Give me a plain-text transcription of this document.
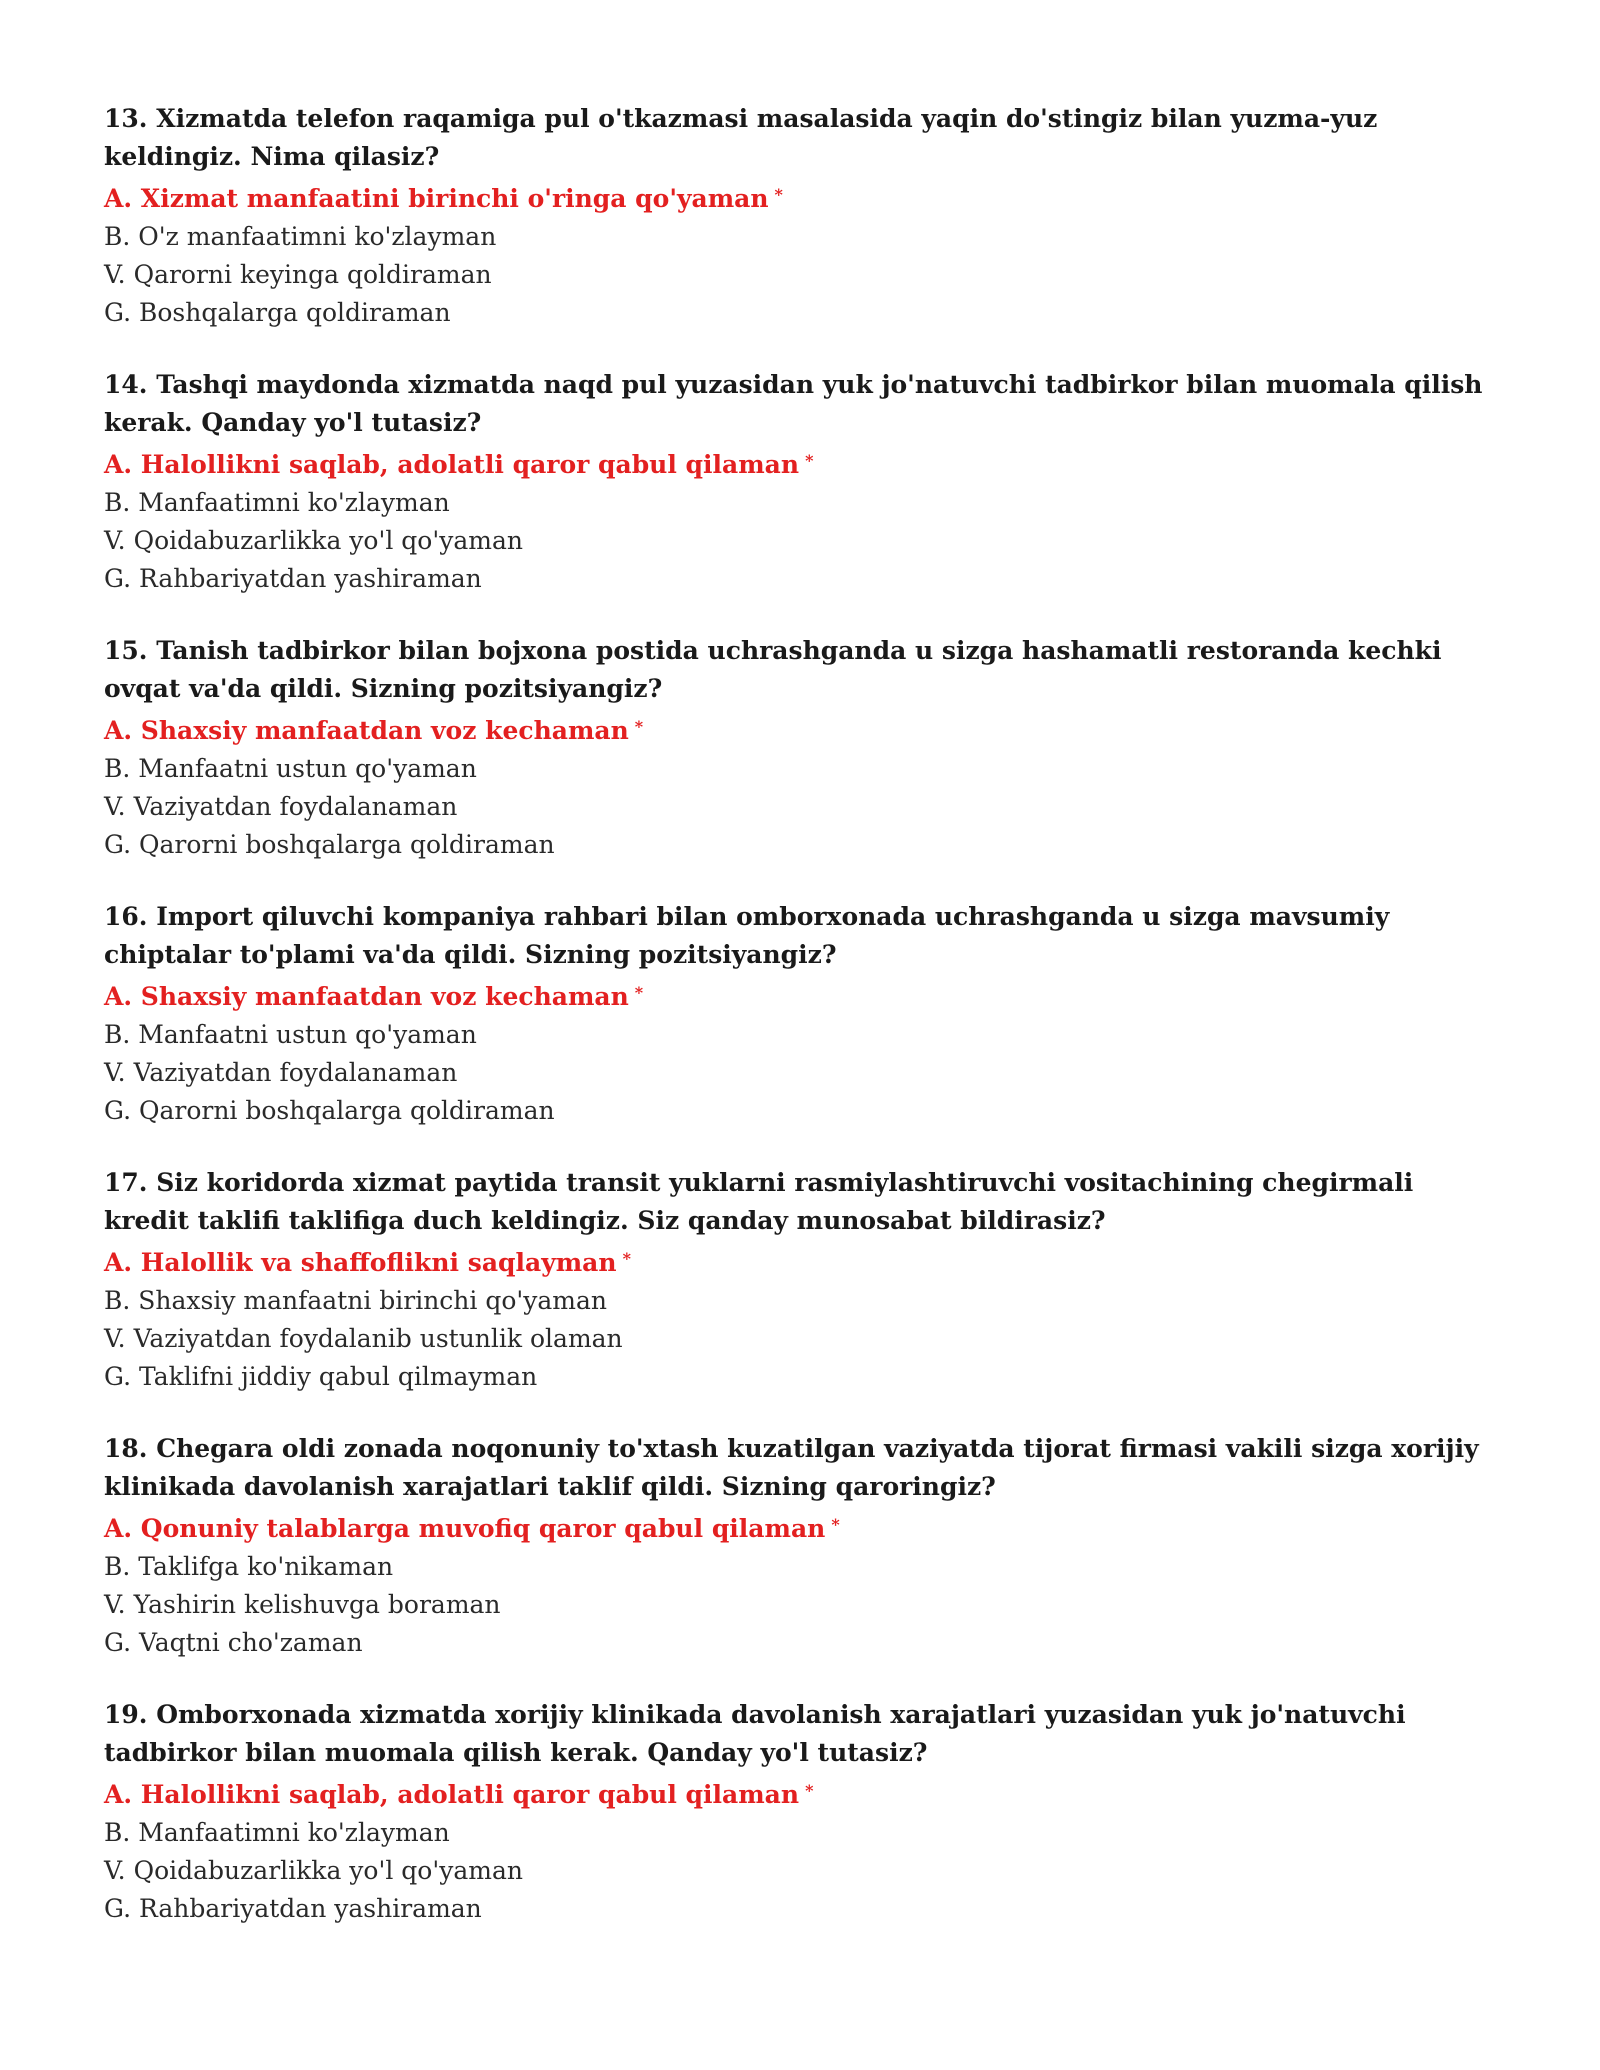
13. Xizmatda telefon raqamiga pul o'tkazmasi masalasida yaqin do'stingiz bilan yuzma-yuz keldingiz. Nima qilasiz?

A. Xizmat manfaatini birinchi o'ringa qo'yaman *

B. O'z manfaatimni ko'zlayman

V. Qarorni keyinga qoldiraman

G. Boshqalarga qoldiraman

14. Tashqi maydonda xizmatda naqd pul yuzasidan yuk jo'natuvchi tadbirkor bilan muomala qilish kerak. Qanday yo'l tutasiz?

A. Halollikni saqlab, adolatli qaror qabul qilaman *

B. Manfaatimni ko'zlayman

V. Qoidabuzarlikka yo'l qo'yaman

G. Rahbariyatdan yashiraman

15. Tanish tadbirkor bilan bojxona postida uchrashganda u sizga hashamatli restoranda kechki ovqat va'da qildi. Sizning pozitsiyangiz?

A. Shaxsiy manfaatdan voz kechaman *

B. Manfaatni ustun qo'yaman

V. Vaziyatdan foydalanaman

G. Qarorni boshqalarga qoldiraman

16. Import qiluvchi kompaniya rahbari bilan omborxonada uchrashganda u sizga mavsumiy chiptalar to'plami va'da qildi. Sizning pozitsiyangiz?

A. Shaxsiy manfaatdan voz kechaman *

B. Manfaatni ustun qo'yaman

V. Vaziyatdan foydalanaman

G. Qarorni boshqalarga qoldiraman

17. Siz koridorda xizmat paytida transit yuklarni rasmiylashtiruvchi vositachining chegirmali kredit taklifi taklifiga duch keldingiz. Siz qanday munosabat bildirasiz?

A. Halollik va shaffoflikni saqlayman *

B. Shaxsiy manfaatni birinchi qo'yaman

V. Vaziyatdan foydalanib ustunlik olaman

G. Taklifni jiddiy qabul qilmayman

18. Chegara oldi zonada noqonuniy to'xtash kuzatilgan vaziyatda tijorat firmasi vakili sizga xorijiy klinikada davolanish xarajatlari taklif qildi. Sizning qaroringiz?

A. Qonuniy talablarga muvofiq qaror qabul qilaman *

B. Taklifga ko'nikaman

V. Yashirin kelishuvga boraman

G. Vaqtni cho'zaman

19. Omborxonada xizmatda xorijiy klinikada davolanish xarajatlari yuzasidan yuk jo'natuvchi tadbirkor bilan muomala qilish kerak. Qanday yo'l tutasiz?

A. Halollikni saqlab, adolatli qaror qabul qilaman *

B. Manfaatimni ko'zlayman

V. Qoidabuzarlikka yo'l qo'yaman

G. Rahbariyatdan yashiraman
